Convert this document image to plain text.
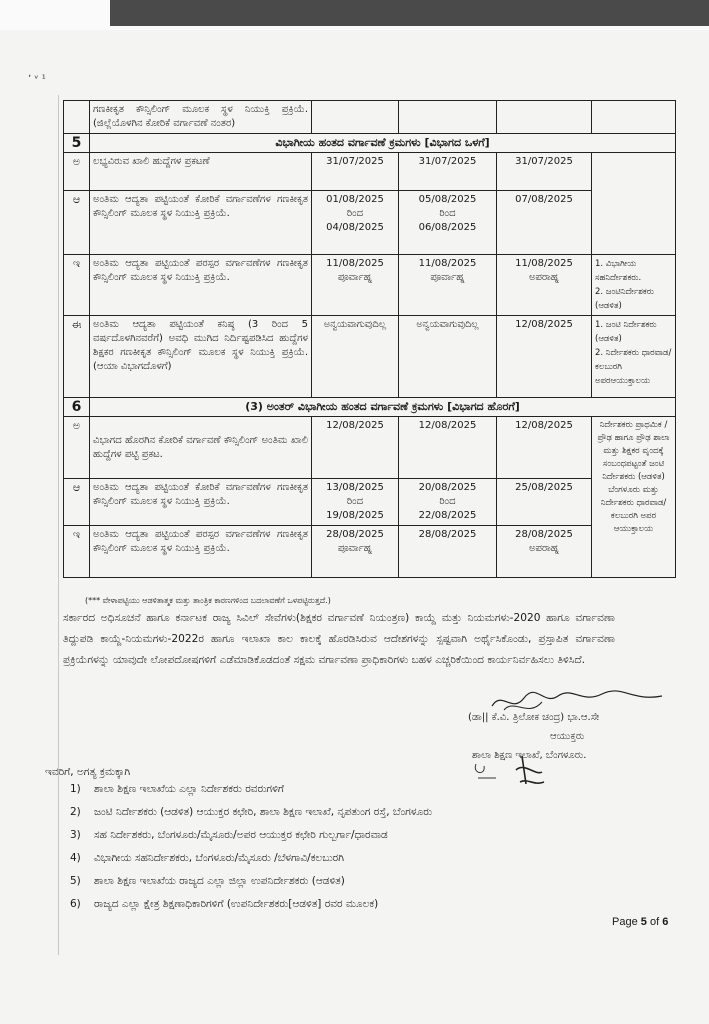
ʼ ᵛ ¹
	ಗಣಕೀಕೃತ ಕೌನ್ಸಿಲಿಂಗ್ ಮೂಲಕ ಸ್ಥಳ ನಿಯುಕ್ತಿ ಪ್ರಕ್ರಿಯೆ. (ಜಿಲ್ಲೆಯೊಳಗಿನ ಕೋರಿಕೆ ವರ್ಗಾವಣೆ ನಂತರ)				
5	ವಿಭಾಗೀಯ ಹಂತದ ವರ್ಗಾವಣೆ ಕ್ರಮಗಳು [ವಿಭಾಗದ ಒಳಗೆ]				
ಅ	ಲಭ್ಯವಿರುವ ಖಾಲಿ ಹುದ್ದೆಗಳ ಪ್ರಕಟಣೆ	31/07/2025	31/07/2025	31/07/2025	
ಆ	ಅಂತಿಮ ಆದ್ಯತಾ ಪಟ್ಟಿಯಂತೆ ಕೋರಿಕೆ ವರ್ಗಾವಣೆಗಳ ಗಣಕೀಕೃತ ಕೌನ್ಸಿಲಿಂಗ್ ಮೂಲಕ ಸ್ಥಳ ನಿಯುಕ್ತಿ ಪ್ರಕ್ರಿಯೆ.	01/08/2025
ರಿಂದ
04/08/2025	05/08/2025
ರಿಂದ
06/08/2025	07/08/2025	
ಇ	ಅಂತಿಮ ಆದ್ಯತಾ ಪಟ್ಟಿಯಂತೆ ಪರಸ್ಪರ ವರ್ಗಾವಣೆಗಳ ಗಣಕೀಕೃತ ಕೌನ್ಸಿಲಿಂಗ್ ಮೂಲಕ ಸ್ಥಳ ನಿಯುಕ್ತಿ ಪ್ರಕ್ರಿಯೆ.	11/08/2025
ಪೂರ್ವಾಹ್ನ	11/08/2025
ಪೂರ್ವಾಹ್ನ	11/08/2025
ಅಪರಾಹ್ನ	1. ವಿಭಾಗೀಯ ಸಹನಿರ್ದೇಶಕರು.
2. ಜಂಟಿನಿರ್ದೇಶಕರು (ಆಡಳಿತ)
ಈ	ಅಂತಿಮ ಆದ್ಯತಾ ಪಟ್ಟಿಯಂತೆ ಕನಿಷ್ಠ (3 ರಿಂದ 5 ವರ್ಷದೊಳಗಿನವರೆಗೆ) ಅವಧಿ ಮುಗಿದ ನಿರ್ದಿಷ್ಟಪಡಿಸಿದ ಹುದ್ದೆಗಳ ಶಿಕ್ಷಕರ ಗಣಕೀಕೃತ ಕೌನ್ಸಿಲಿಂಗ್ ಮೂಲಕ ಸ್ಥಳ ನಿಯುಕ್ತಿ ಪ್ರಕ್ರಿಯೆ. (ಆಯಾ ವಿಭಾಗದೊಳಗೆ)	ಅನ್ವಯವಾಗುವುದಿಲ್ಲ	ಅನ್ವಯವಾಗುವುದಿಲ್ಲ	12/08/2025	1. ಜಂಟಿ ನಿರ್ದೇಶಕರು (ಆಡಳಿತ)
2. ನಿರ್ದೇಶಕರು ಧಾರವಾಡ/ಕಲಬುರಗಿ ಅಪರಆಯುಕ್ತಾಲಯ
6	(3) ಅಂತರ್ ವಿಭಾಗೀಯ ಹಂತದ ವರ್ಗಾವಣೆ ಕ್ರಮಗಳು [ವಿಭಾಗದ ಹೊರಗೆ]				
ಅ	ವಿಭಾಗದ ಹೊರಗಿನ ಕೋರಿಕೆ ವರ್ಗಾವಣೆ ಕೌನ್ಸಿಲಿಂಗ್ ಅಂತಿಮ ಖಾಲಿ ಹುದ್ದೆಗಳ ಪಟ್ಟಿ ಪ್ರಕಟ.	12/08/2025	12/08/2025	12/08/2025	ನಿರ್ದೇಶಕರು ಪ್ರಾಥಮಿಕ / ಪ್ರೌಢ ಹಾಗೂ ಪ್ರೌಢ ಶಾಲಾ ಮತ್ತು ಶಿಕ್ಷಕರ ವೃಂದಕ್ಕೆ ಸಂಬಂಧಪಟ್ಟಂತೆ ಜಂಟಿ ನಿರ್ದೇಶಕರು (ಆಡಳಿತ) ಬೆಂಗಳೂರು ಮತ್ತು ನಿರ್ದೇಶಕರು ಧಾರವಾಡ/ಕಲಬುರಗಿ ಅಪರ ಆಯುಕ್ತಾಲಯ
ಆ	ಅಂತಿಮ ಆದ್ಯತಾ ಪಟ್ಟಿಯಂತೆ ಕೋರಿಕೆ ವರ್ಗಾವಣೆಗಳ ಗಣಕೀಕೃತ ಕೌನ್ಸಿಲಿಂಗ್ ಮೂಲಕ ಸ್ಥಳ ನಿಯುಕ್ತಿ ಪ್ರಕ್ರಿಯೆ.	13/08/2025
ರಿಂದ
19/08/2025	20/08/2025
ರಿಂದ
22/08/2025	25/08/2025	
ಇ	ಅಂತಿಮ ಆದ್ಯತಾ ಪಟ್ಟಿಯಂತೆ ಪರಸ್ಪರ ವರ್ಗಾವಣೆಗಳ ಗಣಕೀಕೃತ ಕೌನ್ಸಿಲಿಂಗ್ ಮೂಲಕ ಸ್ಥಳ ನಿಯುಕ್ತಿ ಪ್ರಕ್ರಿಯೆ.	28/08/2025
ಪೂರ್ವಾಹ್ನ	28/08/2025	28/08/2025
ಅಪರಾಹ್ನ	
(*** ವೇಳಾಪಟ್ಟಿಯು ಆಡಳಿತಾತ್ಮಕ ಮತ್ತು ತಾಂತ್ರಿಕ ಕಾರಣಗಳಿಂದ ಬದಲಾವಣೆಗೆ ಒಳಪಟ್ಟಿರುತ್ತದೆ.)
ಸರ್ಕಾರದ ಅಧಿಸೂಚನೆ ಹಾಗೂ ಕರ್ನಾಟಕ ರಾಜ್ಯ ಸಿವಿಲ್ ಸೇವೆಗಳು(ಶಿಕ್ಷಕರ ವರ್ಗಾವಣೆ ನಿಯಂತ್ರಣ) ಕಾಯ್ದೆ ಮತ್ತು ನಿಯಮಗಳು-2020 ಹಾಗೂ ವರ್ಗಾವಣಾ ತಿದ್ದುಪಡಿ ಕಾಯ್ದೆ-ನಿಯಮಗಳು-2022ರ ಹಾಗೂ ಇಲಾಖಾ ಕಾಲ ಕಾಲಕ್ಕೆ ಹೊರಡಿಸಿರುವ ಆದೇಶಗಳನ್ನು ಸ್ಪಷ್ಟವಾಗಿ ಅರ್ಥೈಸಿಕೊಂಡು, ಪ್ರಸ್ತಾಪಿತ ವರ್ಗಾವಣಾ ಪ್ರಕ್ರಿಯೆಗಳನ್ನು ಯಾವುದೇ ಲೋಪದೋಷಗಳಿಗೆ ಎಡೆಮಾಡಿಕೊಡದಂತೆ ಸಕ್ಷಮ ವರ್ಗಾವಣಾ ಪ್ರಾಧಿಕಾರಿಗಳು ಬಹಳ ಎಚ್ಚರಿಕೆಯಿಂದ ಕಾರ್ಯನಿರ್ವಹಿಸಲು ತಿಳಿಸಿದೆ.
(ಡಾ|| ಕೆ.ವಿ. ತ್ರಿಲೋಕ ಚಂದ್ರ) ಭಾ.ಆ.ಸೇ
ಆಯುಕ್ತರು
ಶಾಲಾ ಶಿಕ್ಷಣ ಇಲಾಖೆ, ಬೆಂಗಳೂರು.
ಇವರಿಗೆ, ಅಗತ್ಯ ಕ್ರಮಕ್ಕಾಗಿ
1) ಶಾಲಾ ಶಿಕ್ಷಣ ಇಲಾಖೆಯ ಎಲ್ಲಾ ನಿರ್ದೇಶಕರು ರವರುಗಳಿಗೆ
2) ಜಂಟಿ ನಿರ್ದೇಶಕರು (ಆಡಳಿತ) ಆಯುಕ್ತರ ಕಛೇರಿ, ಶಾಲಾ ಶಿಕ್ಷಣ ಇಲಾಖೆ, ನೃಪತುಂಗ ರಸ್ತೆ, ಬೆಂಗಳೂರು
3) ಸಹ ನಿರ್ದೇಶಕರು, ಬೆಂಗಳೂರು/ಮೈಸೂರು/ಅಪರ ಆಯುಕ್ತರ ಕಛೇರಿ ಗುಲ್ಬರ್ಗಾ/ಧಾರವಾಡ
4) ವಿಭಾಗೀಯ ಸಹನಿರ್ದೇಶಕರು, ಬೆಂಗಳೂರು/ಮೈಸೂರು /ಬೆಳಗಾವಿ/ಕಲಬುರಗಿ
5) ಶಾಲಾ ಶಿಕ್ಷಣ ಇಲಾಖೆಯ ರಾಜ್ಯದ ಎಲ್ಲಾ ಜಿಲ್ಲಾ ಉಪನಿರ್ದೇಶಕರು (ಆಡಳಿತ)
6) ರಾಜ್ಯದ ಎಲ್ಲಾ ಕ್ಷೇತ್ರ ಶಿಕ್ಷಣಾಧಿಕಾರಿಗಳಿಗೆ (ಉಪನಿರ್ದೇಶಕರು[ಆಡಳಿತ] ರವರ ಮೂಲಕ)
Page 5 of 6
